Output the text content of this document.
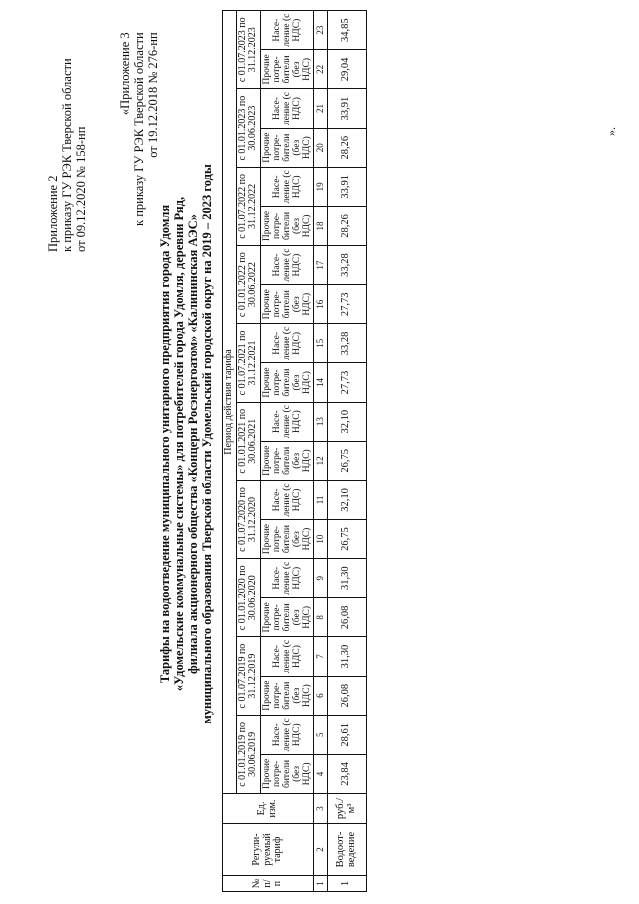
Приложение 2 к приказу ГУ РЭК Тверской области от 09.12.2020 № 158-нп
«Приложение 3 к приказу ГУ РЭК Тверской области от 19.12.2018 № 276-нп
Тарифы на водоотведение муниципального унитарного предприятия города Удомля «Удомельские коммунальные системы» для потребителей города Удомля, деревни Ряд, филиала акционерного общества «Концерн Росэнергоатом» «Калининская АЭС» муниципального образования Тверской области Удомельский городской округ на 2019 – 2023 годы
№ п/п	Регули-руемый тариф	Ед. изм.	Период действия тарифа																			
			с 01.01.2019 по 30.06.2019		с 01.07.2019 по 31.12.2019		с 01.01.2020 по 30.06.2020		с 01.07.2020 по 31.12.2020		с 01.01.2021 по 30.06.2021		с 01.07.2021 по 31.12.2021		с 01.01.2022 по 30.06.2022		с 01.07.2022 по 31.12.2022		с 01.01.2023 по 30.06.2023		с 01.07.2023 по 31.12.2023	
			Прочие потре-бители (без НДС)	Насе-ление (с НДС)	Прочие потре-бители (без НДС)	Насе-ление (с НДС)	Прочие потре-бители (без НДС)	Насе-ление (с НДС)	Прочие потре-бители (без НДС)	Насе-ление (с НДС)	Прочие потре-бители (без НДС)	Насе-ление (с НДС)	Прочие потре-бители (без НДС)	Насе-ление (с НДС)	Прочие потре-бители (без НДС)	Насе-ление (с НДС)	Прочие потре-бители (без НДС)	Насе-ление (с НДС)	Прочие потре-бители (без НДС)	Насе-ление (с НДС)	Прочие потре-бители (без НДС)	Насе-ление (с НДС)
1	2	3	4	5	6	7	8	9	10	11	12	13	14	15	16	17	18	19	20	21	22	23
1	Водоот-ведение	руб./м³	23,84	28,61	26,08	31,30	26,08	31,30	26,75	32,10	26,75	32,10	27,73	33,28	27,73	33,28	28,26	33,91	28,26	33,91	29,04	34,85
».
